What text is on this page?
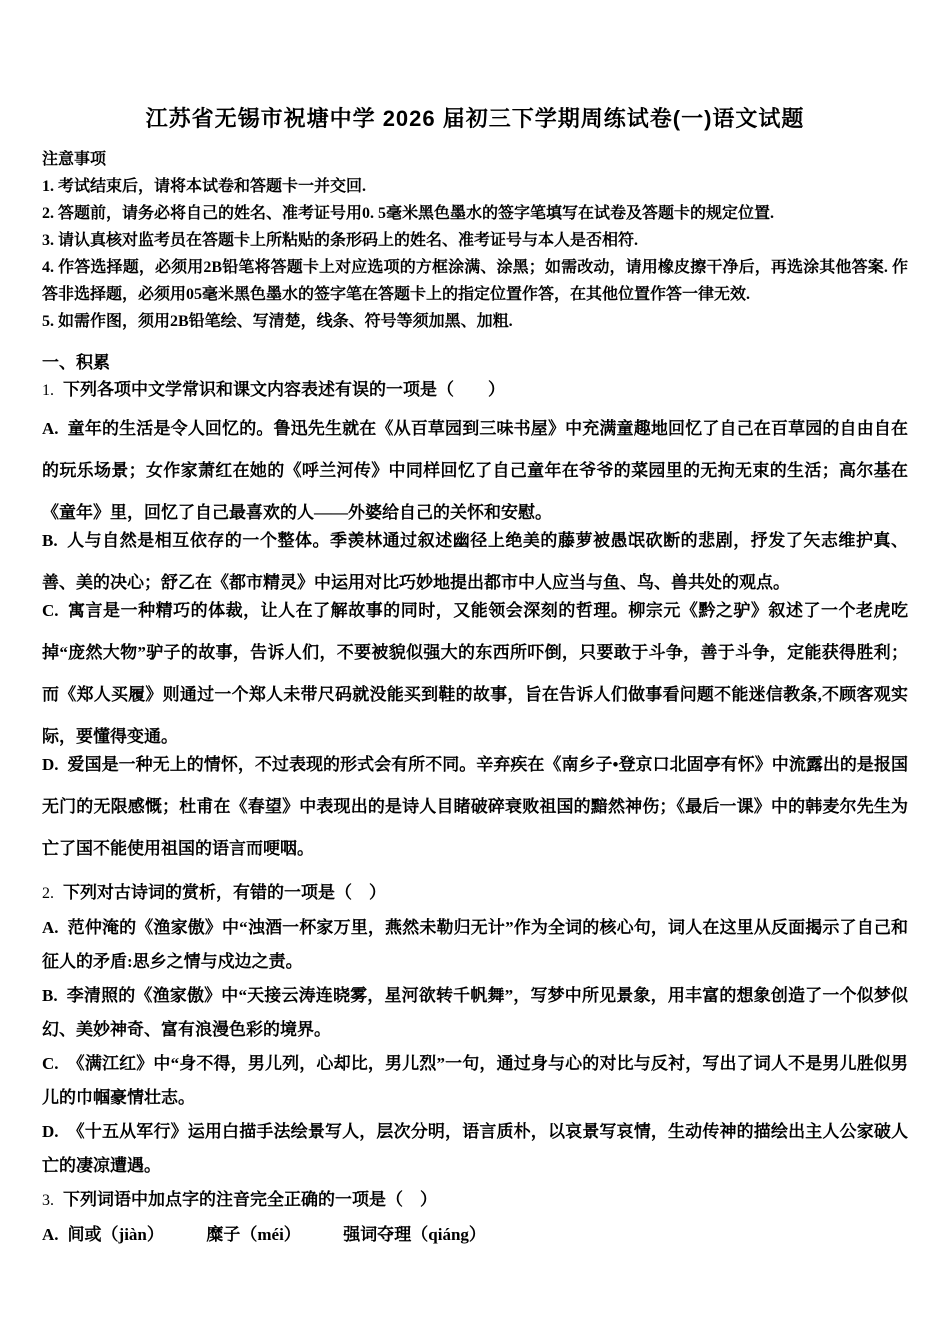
江苏省无锡市祝塘中学 2026 届初三下学期周练试卷(一)语文试题

注意事项

1. 考试结束后，请将本试卷和答题卡一并交回.

2. 答题前，请务必将自己的姓名、准考证号用0. 5毫米黑色墨水的签字笔填写在试卷及答题卡的规定位置.

3. 请认真核对监考员在答题卡上所粘贴的条形码上的姓名、准考证号与本人是否相符.

4. 作答选择题，必须用2B铅笔将答题卡上对应选项的方框涂满、涂黑；如需改动，请用橡皮擦干净后，再选涂其他答案. 作答非选择题，必须用05毫米黑色墨水的签字笔在答题卡上的指定位置作答，在其他位置作答一律无效.

5. 如需作图，须用2B铅笔绘、写清楚，线条、符号等须加黑、加粗.

一、积累

1. 下列各项中文学常识和课文内容表述有误的一项是（　　）

A. 童年的生活是令人回忆的。鲁迅先生就在《从百草园到三味书屋》中充满童趣地回忆了自己在百草园的自由自在的玩乐场景；女作家萧红在她的《呼兰河传》中同样回忆了自己童年在爷爷的菜园里的无拘无束的生活；高尔基在《童年》里，回忆了自己最喜欢的人——外婆给自己的关怀和安慰。

B. 人与自然是相互依存的一个整体。季羡林通过叙述幽径上绝美的藤萝被愚氓砍断的悲剧，抒发了矢志维护真、善、美的决心；舒乙在《都市精灵》中运用对比巧妙地提出都市中人应当与鱼、鸟、兽共处的观点。

C. 寓言是一种精巧的体裁，让人在了解故事的同时，又能领会深刻的哲理。柳宗元《黔之驴》叙述了一个老虎吃掉“庞然大物”驴子的故事，告诉人们，不要被貌似强大的东西所吓倒，只要敢于斗争，善于斗争，定能获得胜利；而《郑人买履》则通过一个郑人未带尺码就没能买到鞋的故事，旨在告诉人们做事看问题不能迷信教条,不顾客观实际，要懂得变通。

D. 爱国是一种无上的情怀，不过表现的形式会有所不同。辛弃疾在《南乡子•登京口北固亭有怀》中流露出的是报国无门的无限感慨；杜甫在《春望》中表现出的是诗人目睹破碎衰败祖国的黯然神伤；《最后一课》中的韩麦尔先生为亡了国不能使用祖国的语言而哽咽。

2. 下列对古诗词的赏析，有错的一项是（　）

A. 范仲淹的《渔家傲》中“浊酒一杯家万里，燕然未勒归无计”作为全词的核心句，词人在这里从反面揭示了自己和征人的矛盾:思乡之情与戍边之责。

B. 李清照的《渔家傲》中“天接云涛连晓雾，星河欲转千帆舞”，写梦中所见景象，用丰富的想象创造了一个似梦似幻、美妙神奇、富有浪漫色彩的境界。

C. 《满江红》中“身不得，男儿列，心却比，男儿烈”一句，通过身与心的对比与反衬，写出了词人不是男儿胜似男儿的巾帼豪情壮志。

D. 《十五从军行》运用白描手法绘景写人，层次分明，语言质朴，以哀景写哀情，生动传神的描绘出主人公家破人亡的凄凉遭遇。

3. 下列词语中加点字的注音完全正确的一项是（　）

A. 间或（jiàn）　　　糜子（méi）　　　强词夺理（qiáng）
